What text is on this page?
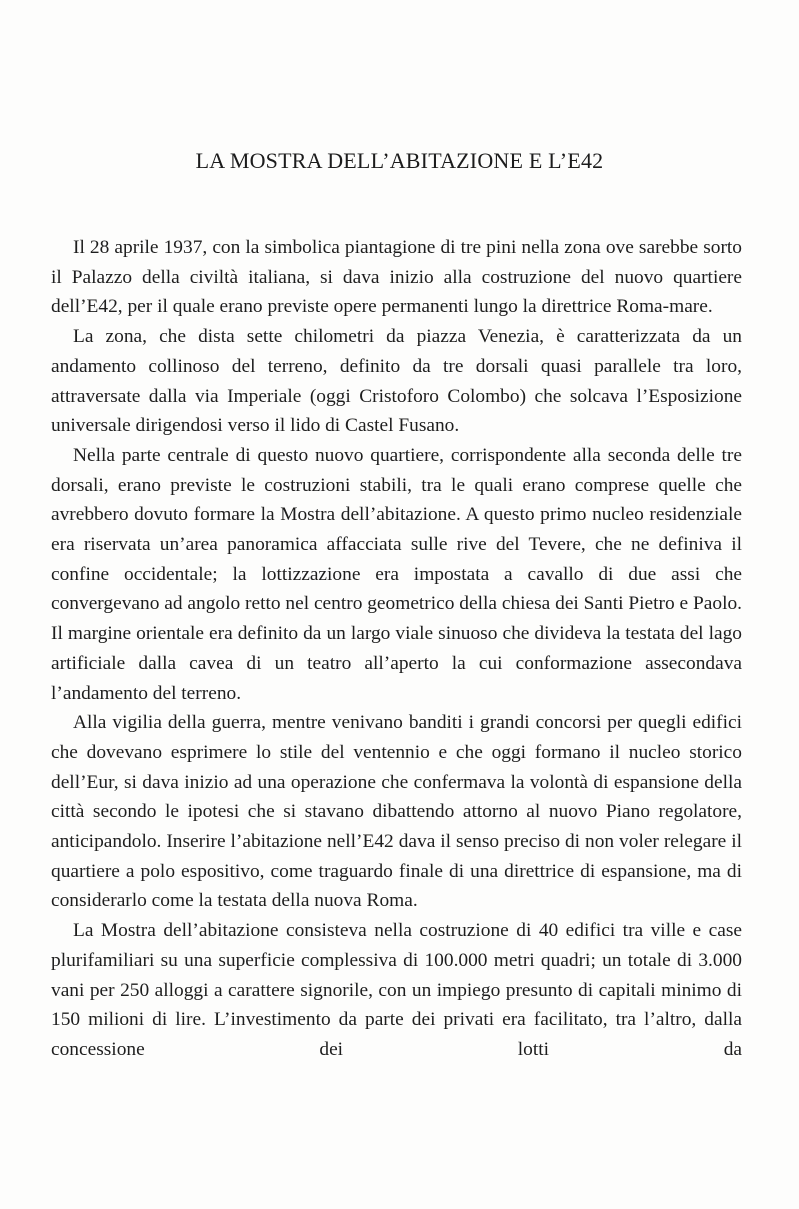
LA MOSTRA DELL’ABITAZIONE E L’E42

Il 28 aprile 1937, con la simbolica piantagione di tre pini nella zona ove sarebbe sorto il Palazzo della civiltà italiana, si dava inizio alla costruzione del nuovo quartiere dell’E42, per il quale erano previste opere permanenti lungo la direttrice Roma-mare.

La zona, che dista sette chilometri da piazza Venezia, è caratterizzata da un andamento collinoso del terreno, definito da tre dorsali quasi parallele tra loro, attraversate dalla via Imperiale (oggi Cristoforo Colombo) che solcava l’Esposizione universale dirigendosi verso il lido di Castel Fusano.

Nella parte centrale di questo nuovo quartiere, corrispondente alla seconda delle tre dorsali, erano previste le costruzioni stabili, tra le quali erano comprese quelle che avrebbero dovuto formare la Mostra dell’abitazione. A questo primo nucleo residenziale era riservata un’area panoramica affacciata sulle rive del Tevere, che ne definiva il confine occidentale; la lottizzazione era impostata a cavallo di due assi che convergevano ad angolo retto nel centro geometrico della chiesa dei Santi Pietro e Paolo. Il margine orientale era definito da un largo viale sinuoso che divideva la testata del lago artificiale dalla cavea di un teatro all’aperto la cui conformazione assecondava l’andamento del terreno.

Alla vigilia della guerra, mentre venivano banditi i grandi concorsi per quegli edifici che dovevano esprimere lo stile del ventennio e che oggi formano il nucleo storico dell’Eur, si dava inizio ad una operazione che confermava la volontà di espansione della città secondo le ipotesi che si stavano dibattendo attorno al nuovo Piano regolatore, anticipandolo. Inserire l’abitazione nell’E42 dava il senso preciso di non voler relegare il quartiere a polo espositivo, come traguardo finale di una direttrice di espansione, ma di considerarlo come la testata della nuova Roma.

La Mostra dell’abitazione consisteva nella costruzione di 40 edifici tra ville e case plurifamiliari su una superficie complessiva di 100.000 metri quadri; un totale di 3.000 vani per 250 alloggi a carattere signorile, con un impiego presunto di capitali minimo di 150 milioni di lire. L’investimento da parte dei privati era facilitato, tra l’altro, dalla concessione dei lotti da
